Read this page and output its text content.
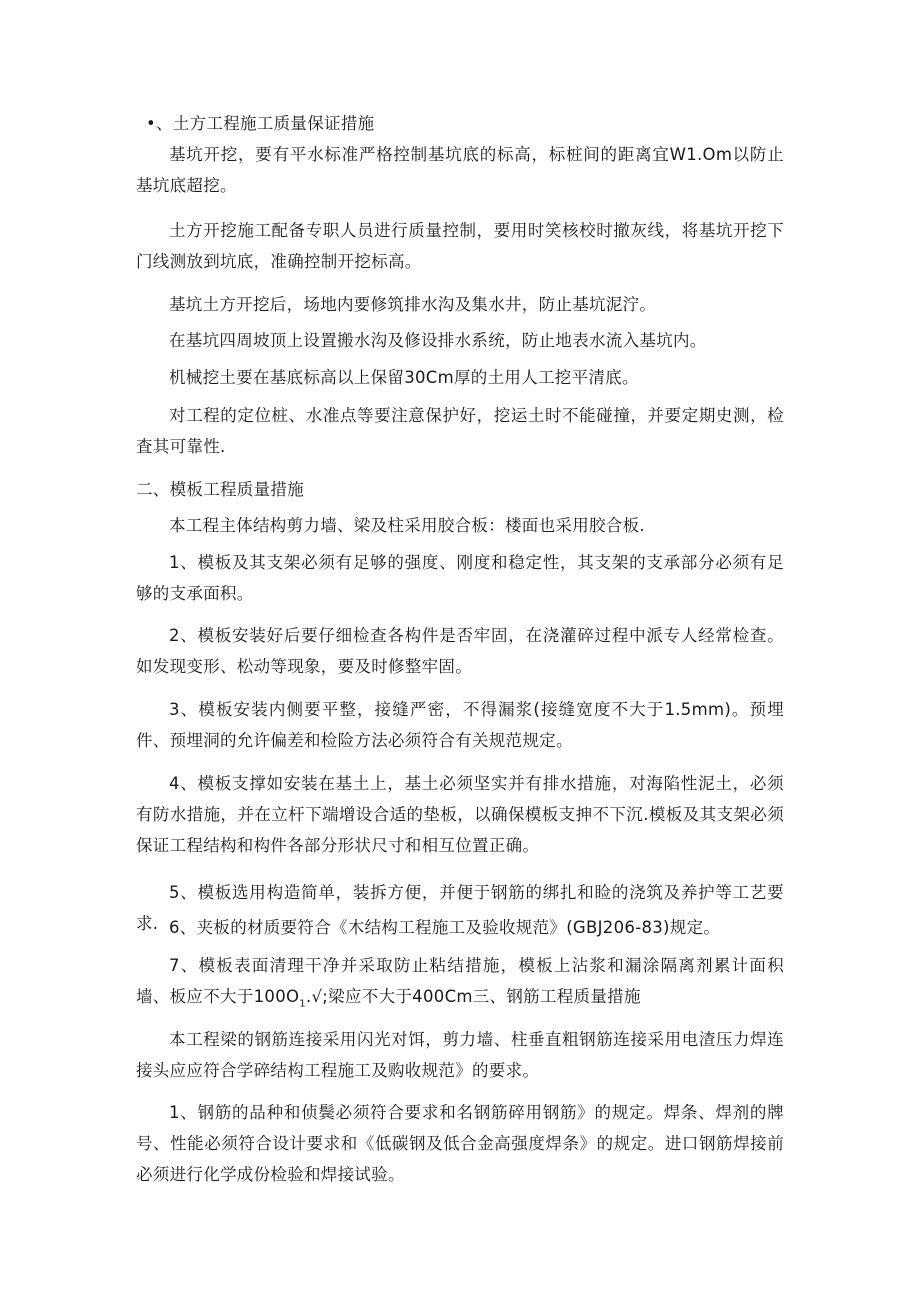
•、土方工程施工质量保证措施

基坑开挖，要有平水标准严格控制基坑底的标高，标桩间的距离宜W1.Om以防止基坑底超挖。

土方开挖施工配备专职人员进行质量控制，要用时笑核校时撤灰线，将基坑开挖下门线测放到坑底，准确控制开挖标高。

基坑土方开挖后，场地内要修筑排水沟及集水井，防止基坑泥泞。

在基坑四周坡顶上设置搬水沟及修设排水系统，防止地表水流入基坑内。

机械挖土要在基底标高以上保留30Cm厚的土用人工挖平清底。

对工程的定位桩、水准点等要注意保护好，挖运土时不能碰撞，并要定期史测，检査其可靠性.

二、模板工程质量措施

本工程主体结构剪力墙、梁及柱采用胶合板：楼面也采用胶合板.

1、模板及其支架必须有足够的强度、刚度和稳定性，其支架的支承部分必须有足够的支承面积。

2、模板安装好后要仔细检查各构件是否牢固，在浇灌碎过程中派专人经常检查。如发现变形、松动等现象，要及时修整牢固。

3、模板安装内侧要平整，接缝严密，不得漏浆(接缝宽度不大于1.5mm)。预埋件、预埋洞的允许偏差和检险方法必须符合有关规范规定。

4、模板支撑如安装在基土上，基土必须坚实并有排水措施，对海陷性泥土，必须有防水措施，并在立杆下端增设合适的垫板，以确保模板支抻不下沉.模板及其支架必须保证工程结构和构件各部分形状尺寸和相互位置正确。

5、模板选用构造简单，装拆方便，并便于钢筋的绑扎和睑的浇筑及养护等工艺要求. 6、夹板的材质要符合《木结构工程施工及验收规范》(GBJ206-83)规定。

7、模板表面清理干净并采取防止粘结措施，模板上沾浆和漏涂隔离剂累计面积墙、板应不大于$100O_1.√$;梁应不大于400Cm三、钢筋工程质量措施

本工程梁的钢筋连接采用闪光对饵，剪力墙、柱垂直粗钢筋连接采用电渣压力焊连接头应应符合学碎结构工程施工及购收规范》的要求。

1、钢筋的品种和侦鬓必须符合要求和名钢筋碎用钢筋》的规定。焊条、焊剂的牌号、性能必须符合设计要求和《低碳钢及低合金高强度焊条》的规定。进口钢筋焊接前必须进行化学成份检验和焊接试验。
